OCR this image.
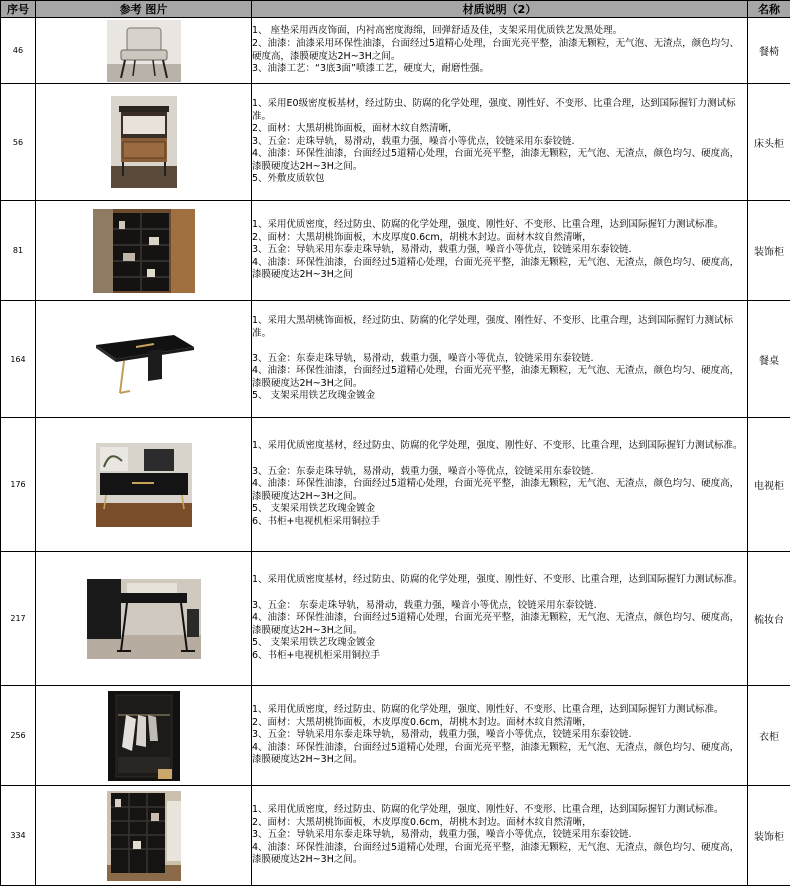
序号	参考 图片	材质说明（2）	名称
46		1、 座垫采用西皮饰面，内衬高密度海绵，回弹舒适及佳，支架采用优质铁艺发黑处理。
2、油漆：油漆采用环保性油漆，台面经过5道精心处理，台面光亮平整，油漆无颗粒，无气泡、无渣点，颜色均匀、硬度高，漆膜硬度达2H~3H之间。
3、油漆工艺：“3底3面”喷漆工艺，硬度大，耐磨性强。	餐椅
56		1、采用E0级密度板基材，经过防虫、防腐的化学处理，强度、刚性好、不变形、比重合理，达到国际握钉力测试标准。
2、面材：大黑胡桃饰面板，面材木纹自然清晰，
3、五金：走珠导轨，易滑动，载重力强，噪音小等优点，铰链采用东泰铰链.
4、油漆：环保性油漆，台面经过5道精心处理，台面光亮平整，油漆无颗粒，无气泡、无渣点，颜色均匀、硬度高，漆膜硬度达2H~3H之间。
5、外敷皮质软包	床头柜
81		1、采用优质密度，经过防虫、防腐的化学处理，强度、刚性好、不变形、比重合理，达到国际握钉力测试标准。
2、面材：大黑胡桃饰面板，木皮厚度0.6cm，胡桃木封边。面材木纹自然清晰，
3、五金：导轨采用东泰走珠导轨，易滑动，载重力强，噪音小等优点，铰链采用东泰铰链.
4、油漆：环保性油漆，台面经过5道精心处理，台面光亮平整，油漆无颗粒，无气泡、无渣点，颜色均匀、硬度高，漆膜硬度达2H~3H之间	装饰柜
164		1、采用大黑胡桃饰面板，经过防虫、防腐的化学处理，强度、刚性好、不变形、比重合理，达到国际握钉力测试标准。
3、五金：东泰走珠导轨，易滑动，载重力强，噪音小等优点，铰链采用东泰铰链.
4、油漆：环保性油漆，台面经过5道精心处理，台面光亮平整，油漆无颗粒，无气泡、无渣点，颜色均匀、硬度高，漆膜硬度达2H~3H之间。
5、 支架采用铁艺玫瑰金镀金	餐桌
176		1、采用优质密度基材，经过防虫、防腐的化学处理，强度、刚性好、不变形、比重合理，达到国际握钉力测试标准。
3、五金：东泰走珠导轨，易滑动，载重力强，噪音小等优点，铰链采用东泰铰链.
4、油漆：环保性油漆，台面经过5道精心处理，台面光亮平整，油漆无颗粒，无气泡、无渣点，颜色均匀、硬度高，漆膜硬度达2H~3H之间。
5、 支架采用铁艺玫瑰金镀金
6、书柜+电视机柜采用铜拉手	电视柜
217		1、采用优质密度基材，经过防虫、防腐的化学处理，强度、刚性好、不变形、比重合理，达到国际握钉力测试标准。
3、五金： 东泰走珠导轨，易滑动，载重力强，噪音小等优点，铰链采用东泰铰链.
4、油漆：环保性油漆，台面经过5道精心处理，台面光亮平整，油漆无颗粒，无气泡、无渣点，颜色均匀、硬度高，漆膜硬度达2H~3H之间。
5、 支架采用铁艺玫瑰金镀金
6、书柜+电视机柜采用铜拉手	梳妆台
256		1、采用优质密度，经过防虫、防腐的化学处理，强度、刚性好、不变形、比重合理，达到国际握钉力测试标准。
2、面材：大黑胡桃饰面板，木皮厚度0.6cm，胡桃木封边。面材木纹自然清晰，
3、五金：导轨采用东泰走珠导轨，易滑动，载重力强，噪音小等优点，铰链采用东泰铰链.
4、油漆：环保性油漆，台面经过5道精心处理，台面光亮平整，油漆无颗粒，无气泡、无渣点，颜色均匀、硬度高，漆膜硬度达2H~3H之间。	衣柜
334		1、采用优质密度，经过防虫、防腐的化学处理，强度、刚性好、不变形、比重合理，达到国际握钉力测试标准。
2、面材：大黑胡桃饰面板，木皮厚度0.6cm，胡桃木封边。面材木纹自然清晰，
3、五金：导轨采用东泰走珠导轨，易滑动，载重力强，噪音小等优点，铰链采用东泰铰链.
4、油漆：环保性油漆，台面经过5道精心处理，台面光亮平整，油漆无颗粒，无气泡、无渣点，颜色均匀、硬度高，漆膜硬度达2H~3H之间。	装饰柜
